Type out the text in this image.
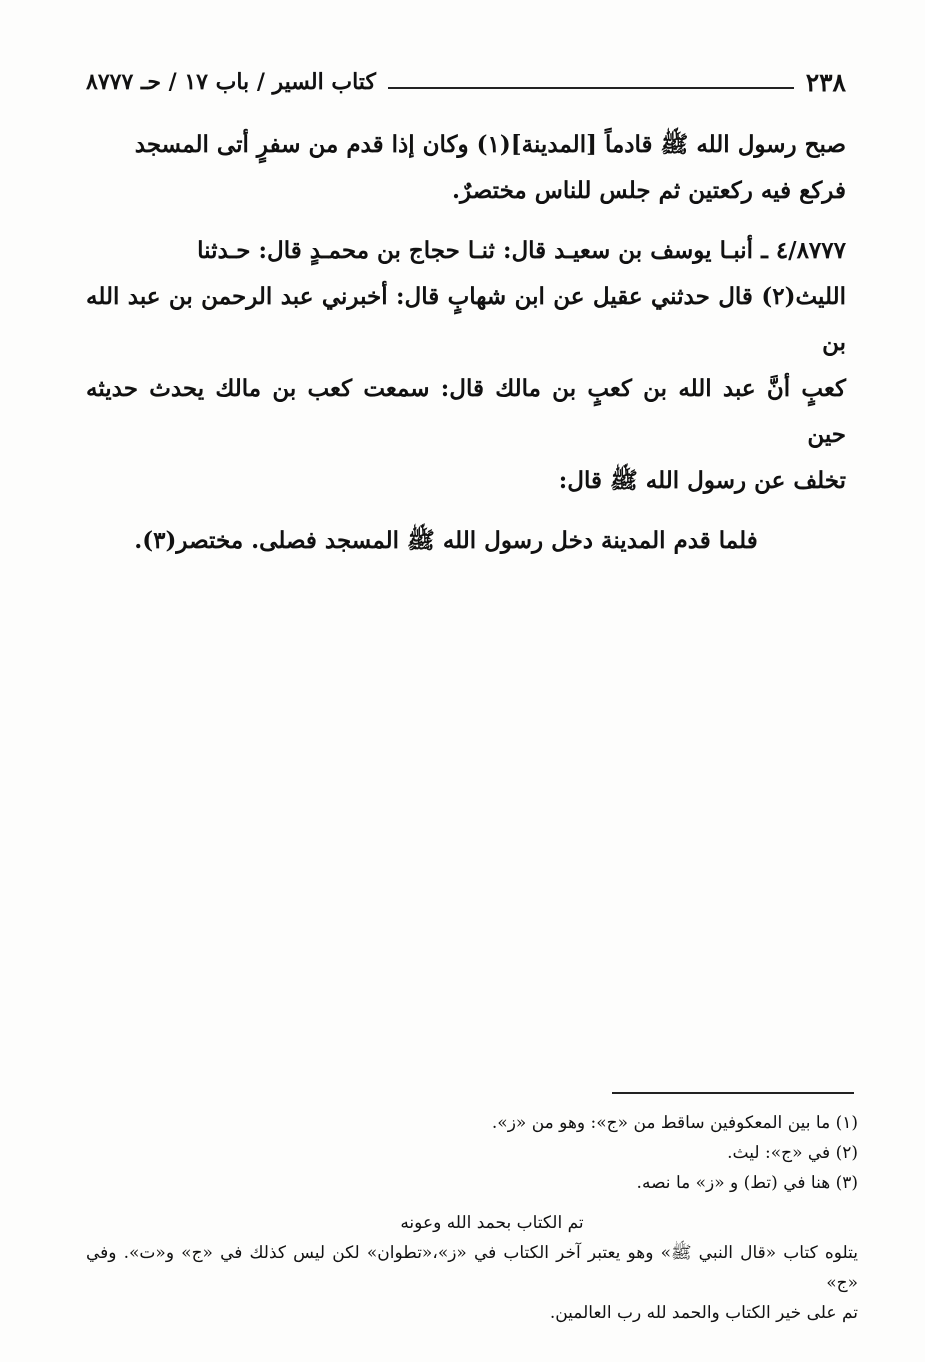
٢٣٨
كتاب السير / باب ١٧ / حـ ٨٧٧٧

صبح رسول الله ﷺ قادماً [المدينة](١) وكان إذا قدم من سفرٍ أتى المسجد

فركع فيه ركعتين ثم جلس للناس مختصرٌ.

٤/٨٧٧٧ ـ أنبـا يوسف بن سعيـد قال: ثنـا حجاج بن محمـدٍ قال: حـدثنا

الليث(٢) قال حدثني عقيل عن ابن شهابٍ قال: أخبرني عبد الرحمن بن عبد الله بن

كعبٍ أنَّ عبد الله بن كعبٍ بن مالك قال: سمعت كعب بن مالك يحدث حديثه حين

تخلف عن رسول الله ﷺ قال:

فلما قدم المدينة دخل رسول الله ﷺ المسجد فصلى. مختصر(٣).

(١) ما بين المعكوفين ساقط من «ج»: وهو من «ز».

(٢) في «ج»: ليث.

(٣) هنا في (تط) و «ز» ما نصه.

تم الكتاب بحمد الله وعونه

يتلوه كتاب «قال النبي ﷺ» وهو يعتبر آخر الكتاب في «ز»،«تطوان» لكن ليس كذلك في «ج» و«ت». وفي «ج»

تم على خير الكتاب والحمد لله رب العالمين.
